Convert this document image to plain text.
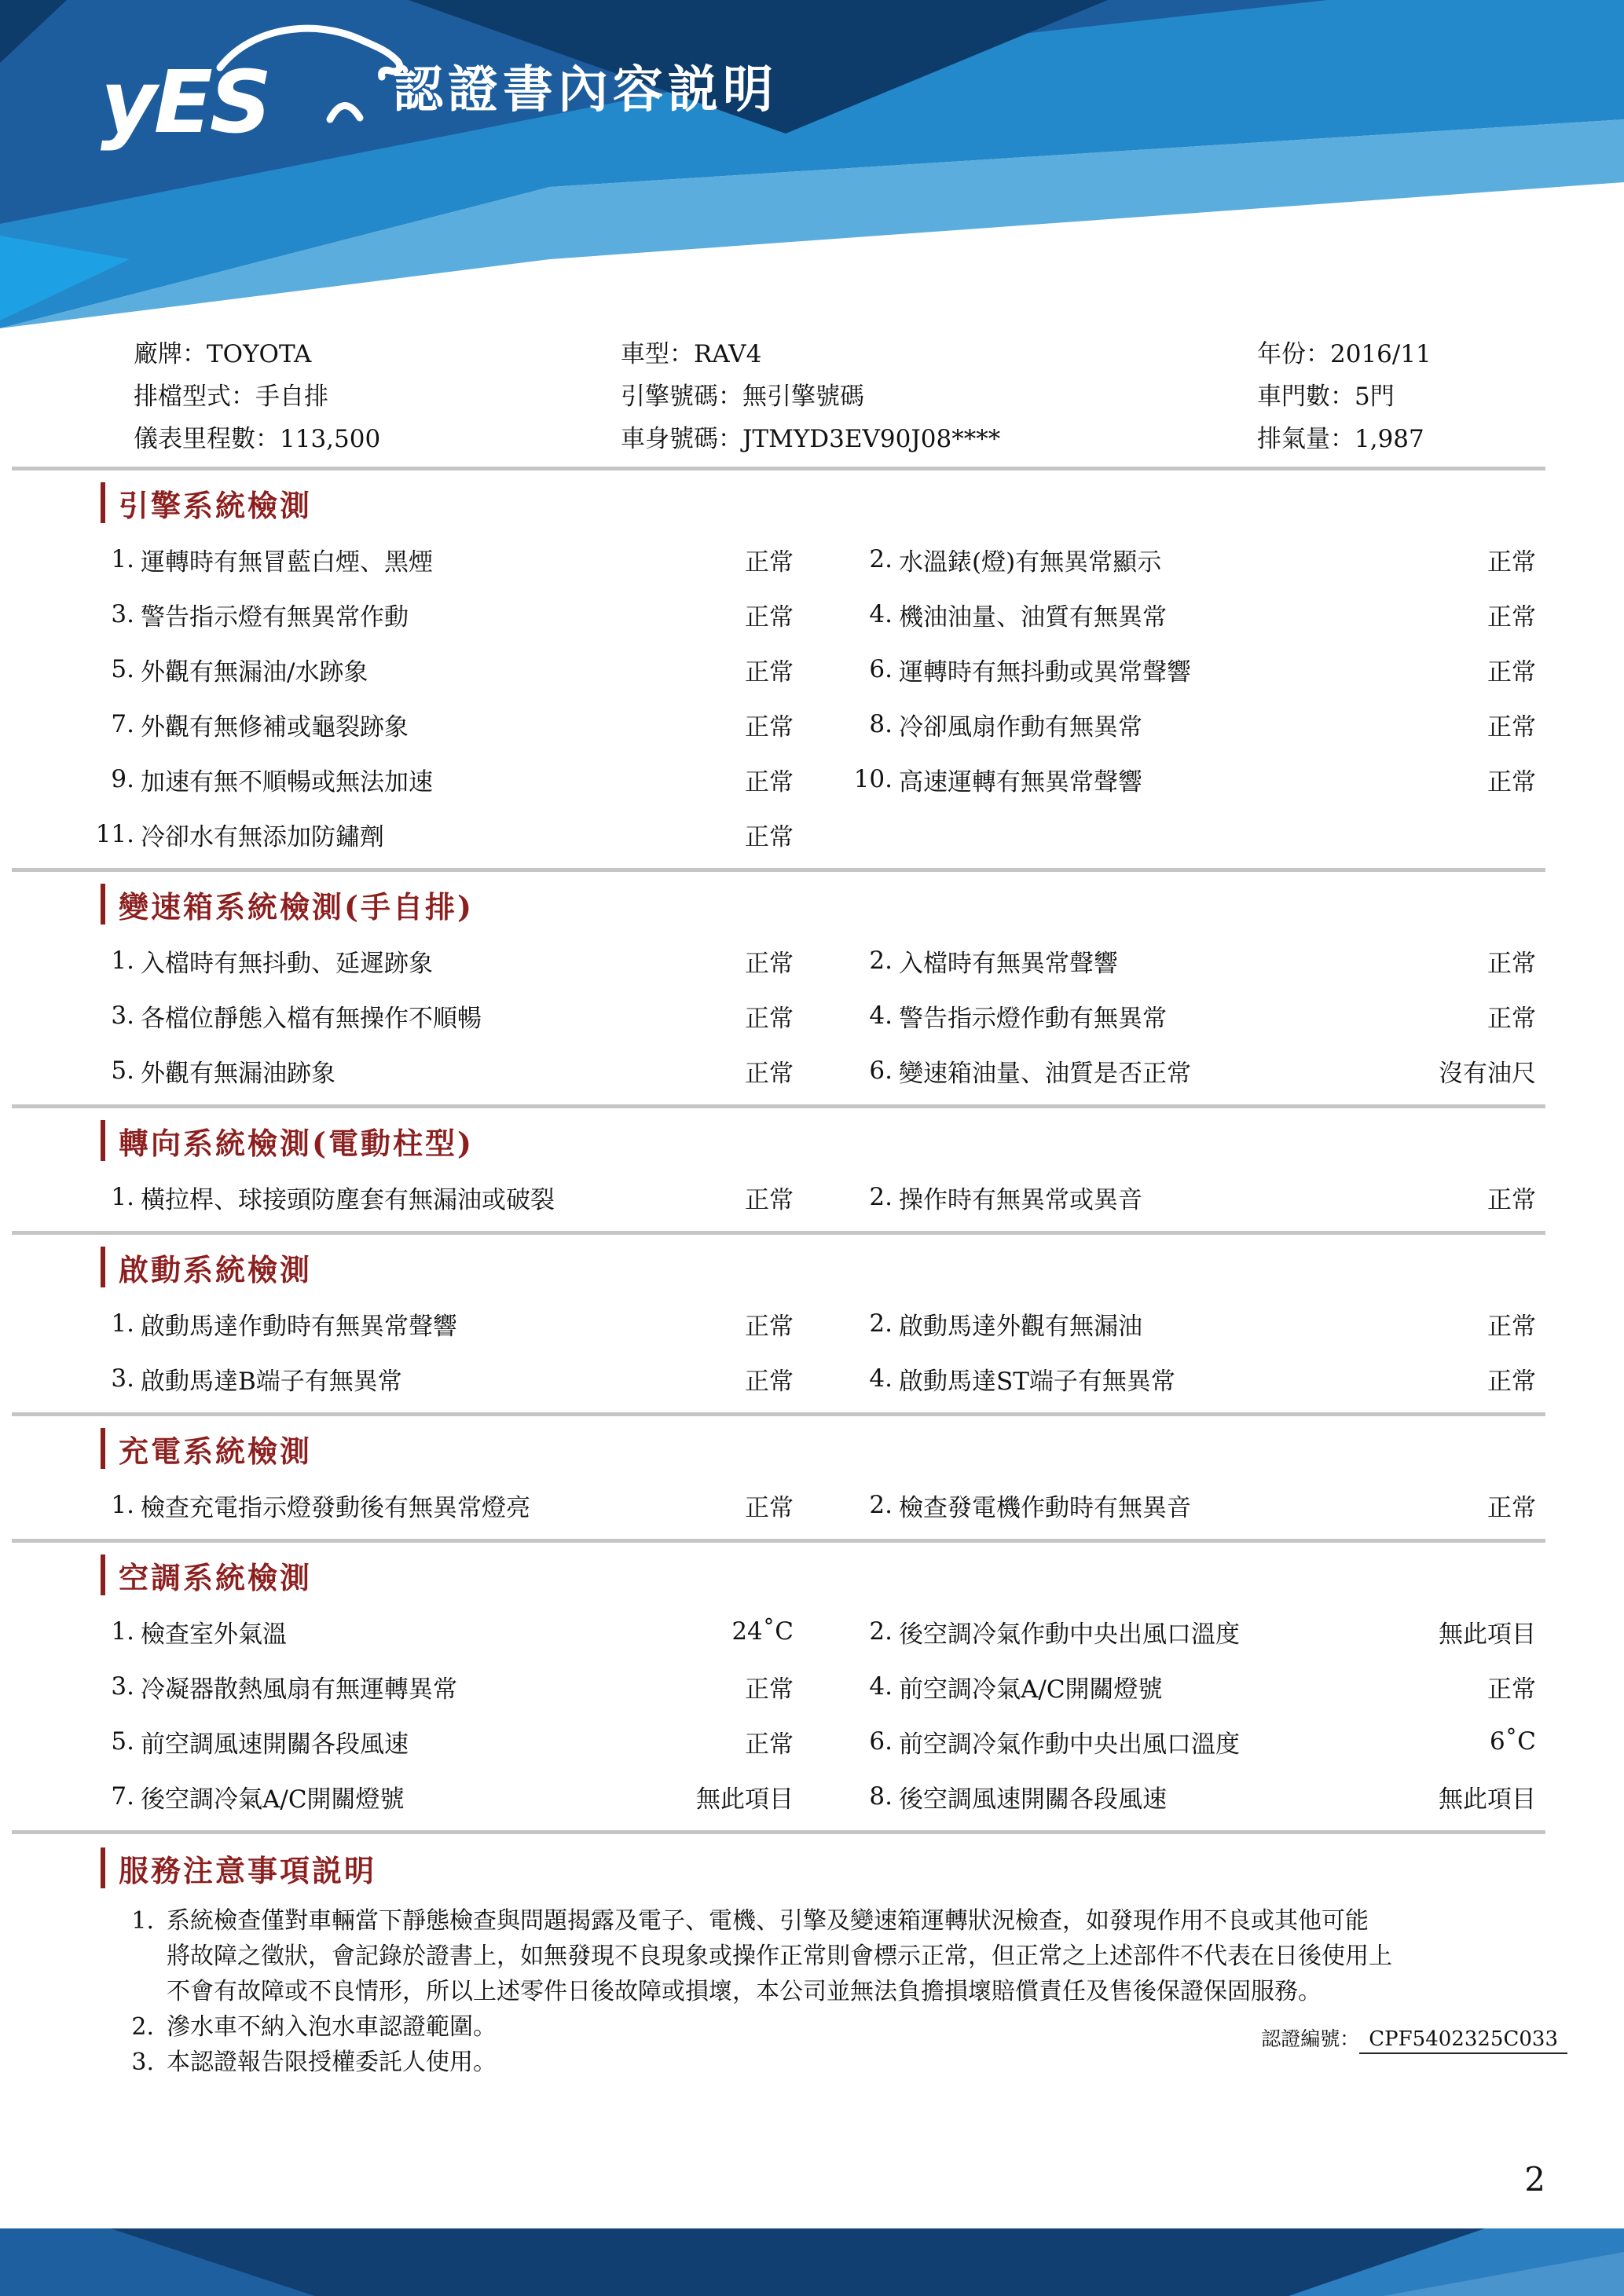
yES 認證書內容説明
廠牌：TOYOTA	車型：RAV4	年份：2016/11
排檔型式：手自排	引擎號碼：無引擎號碼	車門數：5門
儀表里程數：113,500	車身號碼：JTMYD3EV90J08****	排氣量：1,987
引擎系統檢測
1. 運轉時有無冒藍白煙、黑煙	正常	2. 水溫錶(燈)有無異常顯示	正常
3. 警告指示燈有無異常作動	正常	4. 機油油量、油質有無異常	正常
5. 外觀有無漏油/水跡象	正常	6. 運轉時有無抖動或異常聲響	正常
7. 外觀有無修補或龜裂跡象	正常	8. 冷卻風扇作動有無異常	正常
9. 加速有無不順暢或無法加速	正常 10. 高速運轉有無異常聲響	正常
11. 冷卻水有無添加防鏽劑	正常
變速箱系統檢測(手自排)
1. 入檔時有無抖動、延遲跡象	正常	2. 入檔時有無異常聲響	正常
3. 各檔位靜態入檔有無操作不順暢	正常	4. 警告指示燈作動有無異常	正常
5. 外觀有無漏油跡象	正常	6. 變速箱油量、油質是否正常	沒有油尺
轉向系統檢測(電動柱型)
1. 橫拉桿、球接頭防塵套有無漏油或破裂	正常	2. 操作時有無異常或異音	正常
啟動系統檢測
1. 啟動馬達作動時有無異常聲響	正常	2. 啟動馬達外觀有無漏油	正常
3. 啟動馬達B端子有無異常	正常	4. 啟動馬達ST端子有無異常	正常
充電系統檢測
1. 檢查充電指示燈發動後有無異常燈亮	正常	2. 檢查發電機作動時有無異音	正常
空調系統檢測
1. 檢查室外氣溫	24˚C	2. 後空調冷氣作動中央出風口溫度	無此項目
3. 冷凝器散熱風扇有無運轉異常	正常	4. 前空調冷氣A/C開關燈號	正常
5. 前空調風速開關各段風速	正常	6. 前空調冷氣作動中央出風口溫度	6˚C
7. 後空調冷氣A/C開關燈號	無此項目	8. 後空調風速開關各段風速	無此項目
服務注意事項説明
1. 系統檢查僅對車輛當下靜態檢查與問題揭露及電子、電機、引擎及變速箱運轉狀況檢查，如發現作用不良或其他可能
將故障之徵狀，會記錄於證書上，如無發現不良現象或操作正常則會標示正常，但正常之上述部件不代表在日後使用上
不會有故障或不良情形，所以上述零件日後故障或損壞，本公司並無法負擔損壞賠償責任及售後保證保固服務。
2. 滲水車不納入泡水車認證範圍。
3. 本認證報告限授權委託人使用。
認證編號： CPF5402325C033
2
